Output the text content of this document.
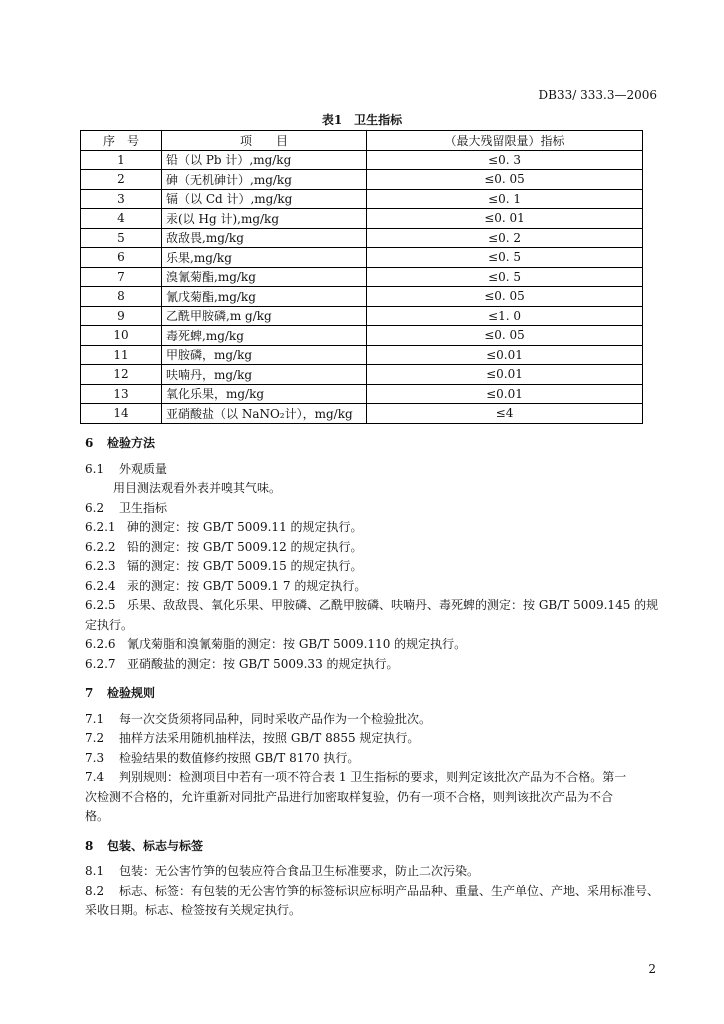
DB33/ 333.3—2006
表1　卫生指标
序　号	项　　目	（最大残留限量）指标
1	铅（以 Pb 计）,mg/kg	≤0. 3
2	砷（无机砷计）,mg/kg	≤0. 05
3	镉（以 Cd 计）,mg/kg	≤0. 1
4	汞(以 Hg 计),mg/kg	≤0. 01
5	敌敌畏,mg/kg	≤0. 2
6	乐果,mg/kg	≤0. 5
7	溴氰菊酯,mg/kg	≤0. 5
8	氰戊菊酯,mg/kg	≤0. 05
9	乙酰甲胺磷,m g/kg	≤1. 0
10	毒死蜱,mg/kg	≤0. 05
11	甲胺磷，mg/kg	≤0.01
12	呋喃丹，mg/kg	≤0.01
13	氧化乐果，mg/kg	≤0.01
14	亚硝酸盐（以 NaNO₂计），mg/kg	≤4
6 检验方法
6.1 外观质量
用目测法观看外表并嗅其气味。
6.2 卫生指标
6.2.1 砷的测定：按 GB/T 5009.11 的规定执行。
6.2.2 铅的测定：按 GB/T 5009.12 的规定执行。
6.2.3 镉的测定：按 GB/T 5009.15 的规定执行。
6.2.4 汞的测定：按 GB/T 5009.1 7 的规定执行。
6.2.5 乐果、敌敌畏、氧化乐果、甲胺磷、乙酰甲胺磷、呋喃丹、毒死蜱的测定：按 GB/T 5009.145 的规
定执行。
6.2.6 氰戊菊脂和溴氰菊脂的测定：按 GB/T 5009.110 的规定执行。
6.2.7 亚硝酸盐的测定：按 GB/T 5009.33 的规定执行。
7 检验规则
7.1 每一次交货须将同品种，同时采收产品作为一个检验批次。
7.2 抽样方法采用随机抽样法，按照 GB/T 8855 规定执行。
7.3 检验结果的数值修约按照 GB/T 8170 执行。
7.4 判别规则：检测项目中若有一项不符合表 1 卫生指标的要求，则判定该批次产品为不合格。第一
次检测不合格的，允许重新对同批产品进行加密取样复验，仍有一项不合格，则判该批次产品为不合
格。
8 包装、标志与标签
8.1 包装：无公害竹笋的包装应符合食品卫生标准要求，防止二次污染。
8.2 标志、标签：有包装的无公害竹笋的标签标识应标明产品品种、重量、生产单位、产地、采用标准号、
采收日期。标志、检签按有关规定执行。
2
